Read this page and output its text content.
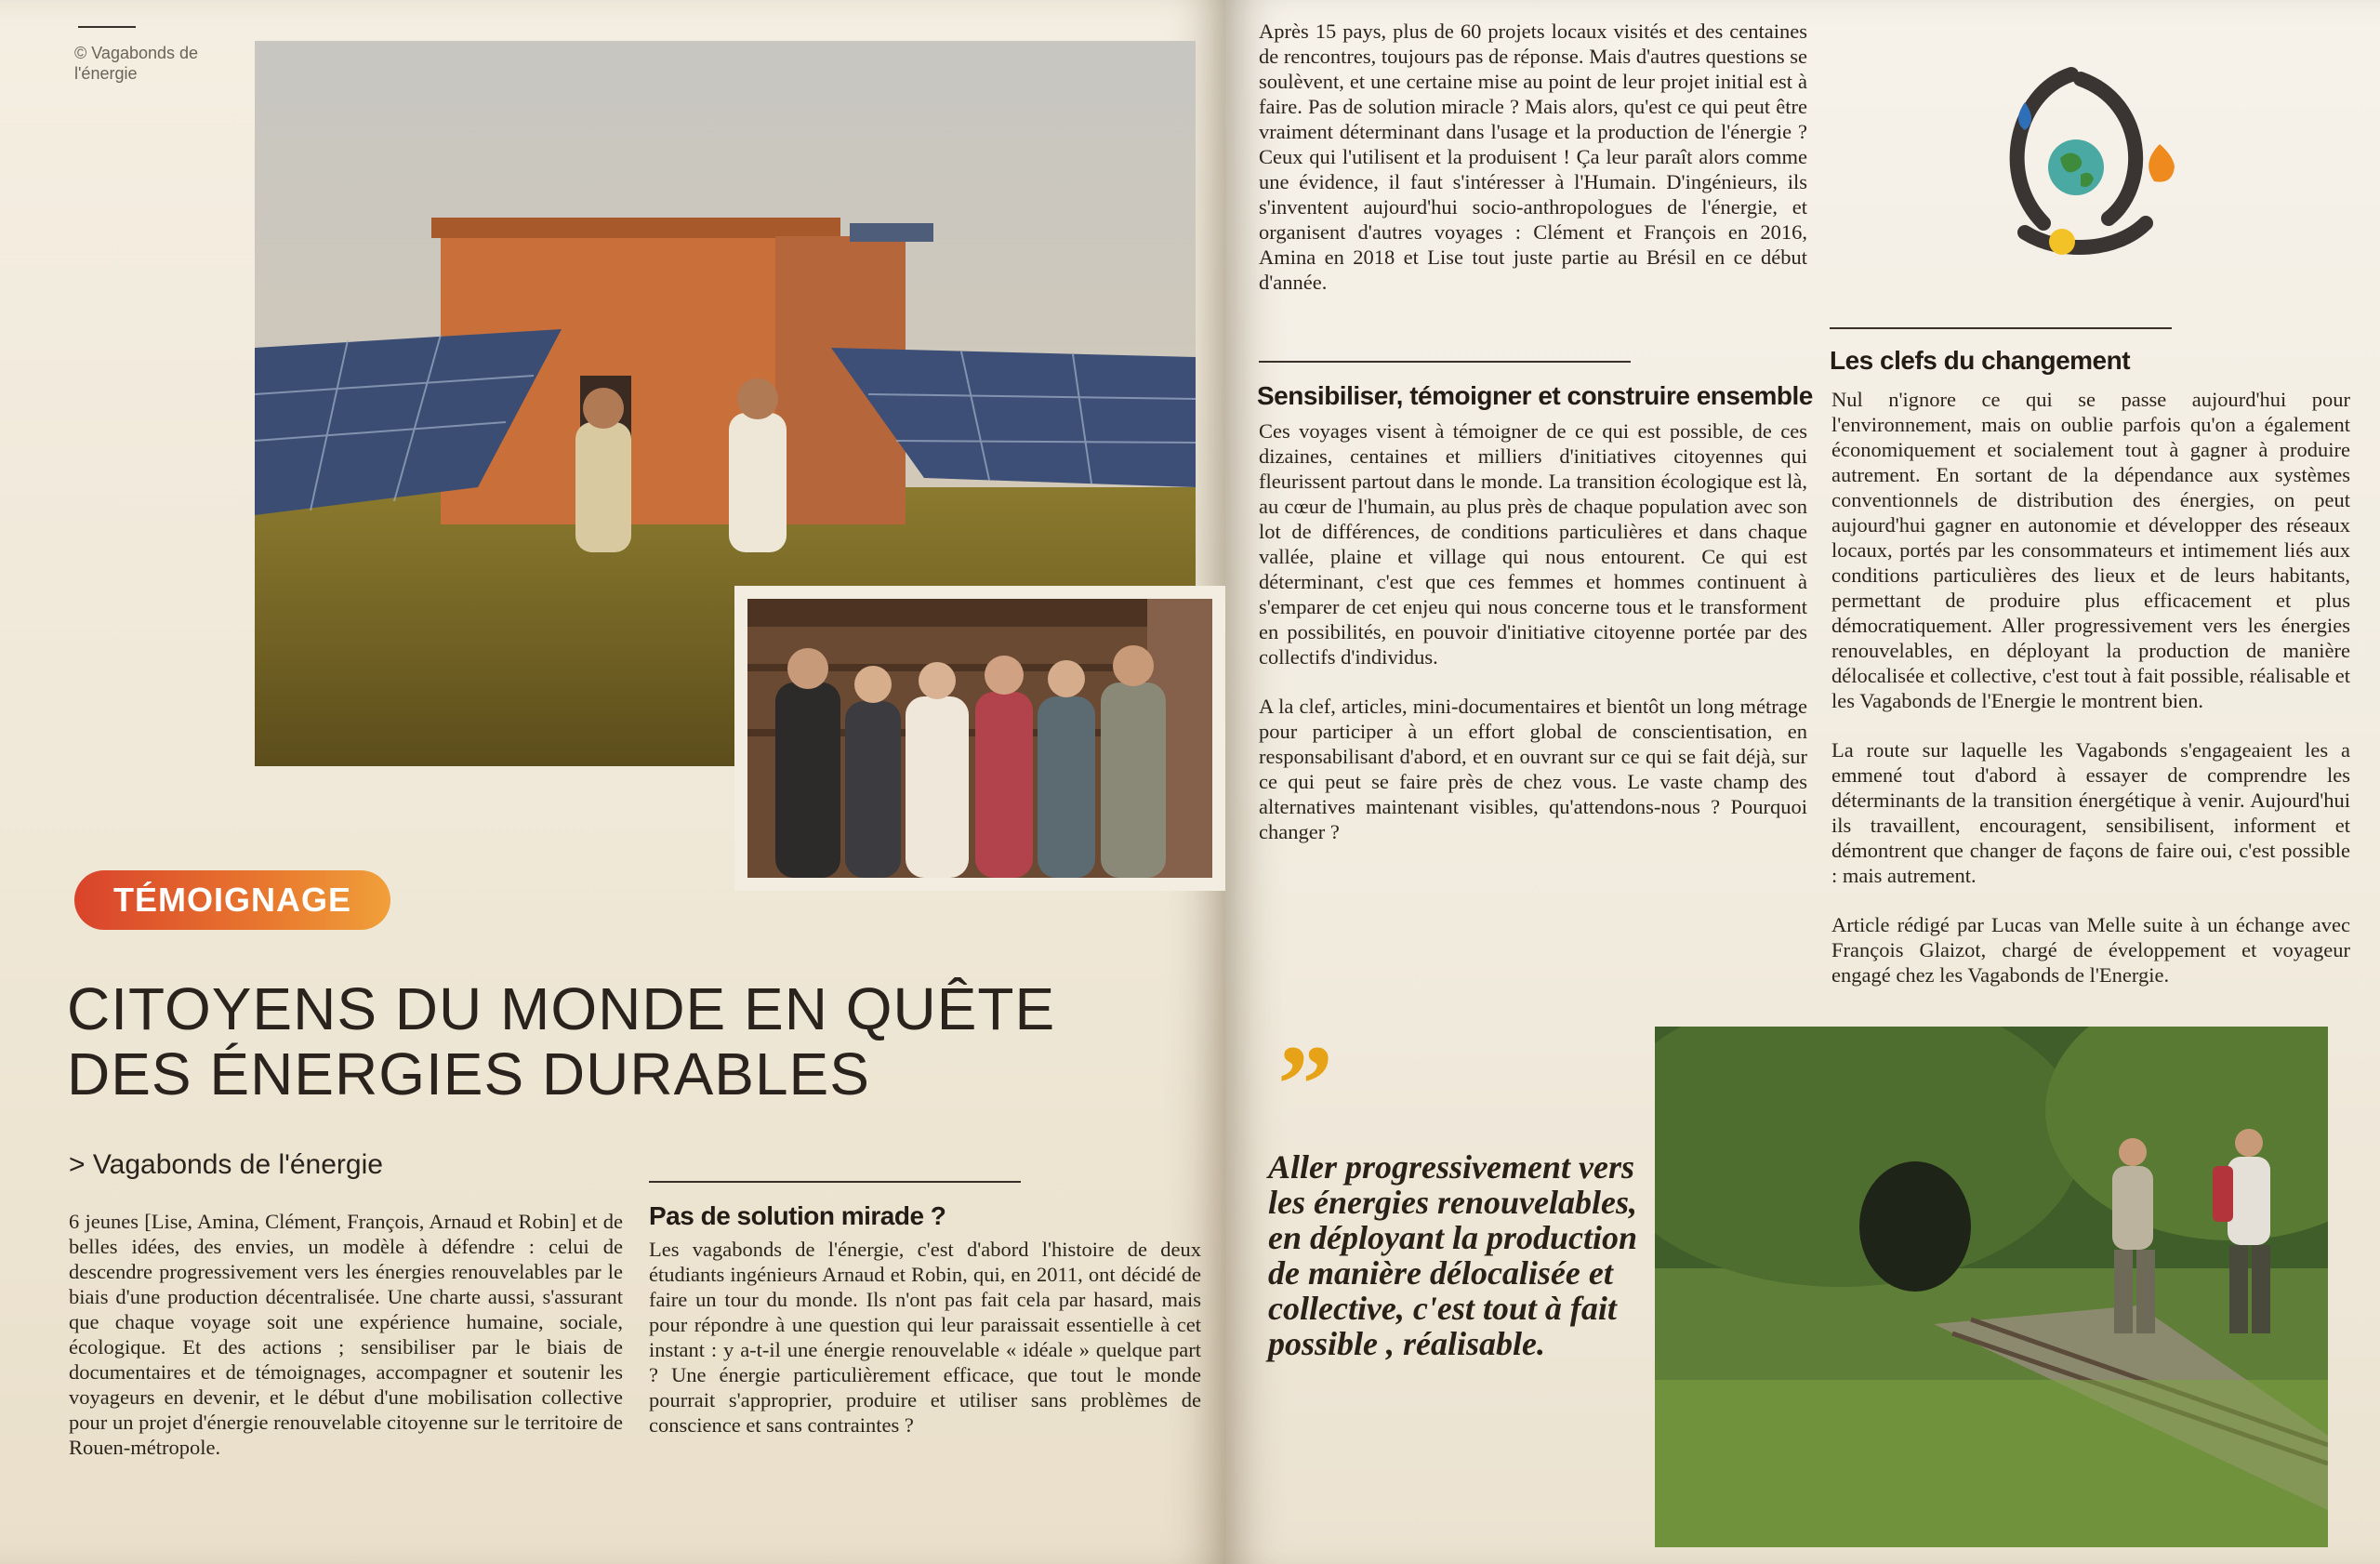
© Vagabonds de l'énergie
TÉMOIGNAGE
CITOYENS DU MONDE EN QUÊTE DES ÉNERGIES DURABLES
> Vagabonds de l'énergie
6 jeunes [Lise, Amina, Clément, François, Arnaud et Robin] et de belles idées, des envies, un modèle à défendre : celui de descendre progressivement vers les énergies renouvelables par le biais d'une production décentralisée. Une charte aussi, s'assurant que chaque voyage soit une expérience humaine, sociale, écologique. Et des actions ; sensibiliser par le biais de documentaires et de témoignages, accompagner et soutenir les voyageurs en devenir, et le début d'une mobilisation collective pour un projet d'énergie renouvelable citoyenne sur le territoire de Rouen-métropole.
Pas de solution mirade ?
Les vagabonds de l'énergie, c'est d'abord l'histoire de deux étudiants ingénieurs Arnaud et Robin, qui, en 2011, ont décidé de faire un tour du monde. Ils n'ont pas fait cela par hasard, mais pour répondre à une question qui leur paraissait essentielle à cet instant : y a-t-il une énergie renouvelable « idéale » quelque part ? Une énergie particulièrement efficace, que tout le monde pourrait s'approprier, produire et utiliser sans problèmes de conscience et sans contraintes ?
Après 15 pays, plus de 60 projets locaux visités et des centaines de rencontres, toujours pas de réponse. Mais d'autres questions se soulèvent, et une certaine mise au point de leur projet initial est à faire. Pas de solution miracle ? Mais alors, qu'est ce qui peut être vraiment déterminant dans l'usage et la production de l'énergie ? Ceux qui l'utilisent et la produisent ! Ça leur paraît alors comme une évidence, il faut s'intéresser à l'Humain. D'ingénieurs, ils s'inventent aujourd'hui socio-anthropologues de l'énergie, et organisent d'autres voyages : Clément et François en 2016, Amina en 2018 et Lise tout juste partie au Brésil en ce début d'année.
Les clefs du changement

Nul n'ignore ce qui se passe aujourd'hui pour l'environnement, mais on oublie parfois qu'on a également économiquement et socialement tout à gagner à produire autrement. En sortant de la dépendance aux systèmes conventionnels de distribution des énergies, on peut aujourd'hui gagner en autonomie et développer des réseaux locaux, portés par les consommateurs et intimement liés aux conditions particulières des lieux et de leurs habitants, permettant de produire plus efficacement et plus démocratiquement. Aller progressivement vers les énergies renouvelables, en déployant la production de manière délocalisée et collective, c'est tout à fait possible, réalisable et les Vagabonds de l'Energie le montrent bien.

La route sur laquelle les Vagabonds s'engageaient les a emmené tout d'abord à essayer de comprendre les déterminants de la transition énergétique à venir. Aujourd'hui ils travaillent, encouragent, sensibilisent, informent et démontrent que changer de façons de faire oui, c'est possible : mais autrement.

Article rédigé par Lucas van Melle suite à un échange avec François Glaizot, chargé de éveloppement et voyageur engagé chez les Vagabonds de l'Energie.

Sensibiliser, témoigner et construire ensemble

Ces voyages visent à témoigner de ce qui est possible, de ces dizaines, centaines et milliers d'initiatives citoyennes qui fleurissent partout dans le monde. La transition écologique est là, au cœur de l'humain, au plus près de chaque population avec son lot de différences, de conditions particulières et dans chaque vallée, plaine et village qui nous entourent. Ce qui est déterminant, c'est que ces femmes et hommes continuent à s'emparer de cet enjeu qui nous concerne tous et le transforment en possibilités, en pouvoir d'initiative citoyenne portée par des collectifs d'individus.

A la clef, articles, mini-documentaires et bientôt un long métrage pour participer à un effort global de conscientisation, en responsabilisant d'abord, et en ouvrant sur ce qui se fait déjà, sur ce qui peut se faire près de chez vous. Le vaste champ des alternatives maintenant visibles, qu'attendons-nous ? Pourquoi changer ?

”
Aller progressivement vers les énergies renouvelables, en déployant la production de manière délocalisée et collective, c'est tout à fait possible , réalisable.
